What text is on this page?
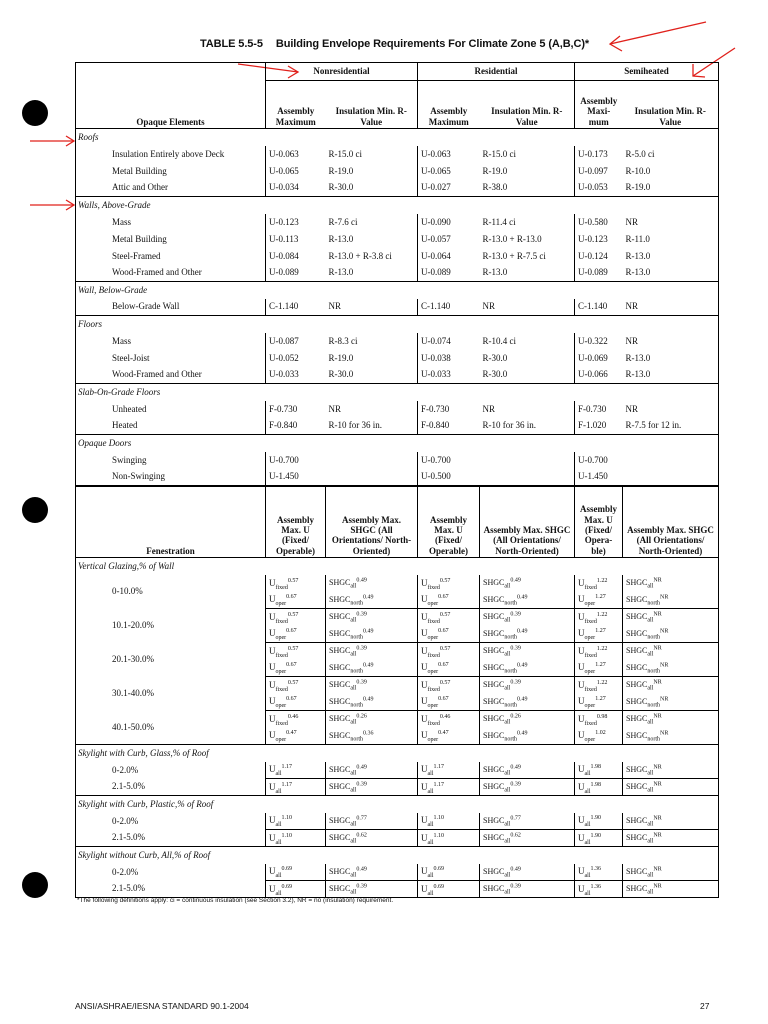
TABLE 5.5-5 Building Envelope Requirements For Climate Zone 5 (A,B,C)*
	Nonresidential		Residential		Semiheated	
Opaque Elements	Assembly Maximum	Insulation Min. R-Value	Assembly Maximum	Insulation Min. R-Value	Assembly Maxi- mum	Insulation Min. R-Value
Roofs						
Insulation Entirely above Deck	U-0.063	R-15.0 ci	U-0.063	R-15.0 ci	U-0.173	R-5.0 ci
Metal Building	U-0.065	R-19.0	U-0.065	R-19.0	U-0.097	R-10.0
Attic and Other	U-0.034	R-30.0	U-0.027	R-38.0	U-0.053	R-19.0
Walls, Above-Grade						
Mass	U-0.123	R-7.6 ci	U-0.090	R-11.4 ci	U-0.580	NR
Metal Building	U-0.113	R-13.0	U-0.057	R-13.0 + R-13.0	U-0.123	R-11.0
Steel-Framed	U-0.084	R-13.0 + R-3.8 ci	U-0.064	R-13.0 + R-7.5 ci	U-0.124	R-13.0
Wood-Framed and Other	U-0.089	R-13.0	U-0.089	R-13.0	U-0.089	R-13.0
Wall, Below-Grade						
Below-Grade Wall	C-1.140	NR	C-1.140	NR	C-1.140	NR
Floors						
Mass	U-0.087	R-8.3 ci	U-0.074	R-10.4 ci	U-0.322	NR
Steel-Joist	U-0.052	R-19.0	U-0.038	R-30.0	U-0.069	R-13.0
Wood-Framed and Other	U-0.033	R-30.0	U-0.033	R-30.0	U-0.066	R-13.0
Slab-On-Grade Floors						
Unheated	F-0.730	NR	F-0.730	NR	F-0.730	NR
Heated	F-0.840	R-10 for 36 in.	F-0.840	R-10 for 36 in.	F-1.020	R-7.5 for 12 in.
Opaque Doors						
Swinging	U-0.700		U-0.700		U-0.700	
Non-Swinging	U-1.450		U-0.500		U-1.450	
Fenestration	Assembly Max. U (Fixed/ Operable)	Assembly Max. SHGC (All Orientations/ North-Oriented)	Assembly Max. U (Fixed/ Operable)	Assembly Max. SHGC (All Orientations/ North-Oriented)	Assembly Max. U (Fixed/ Opera- ble)	Assembly Max. SHGC (All Orientations/ North-Oriented)
Vertical Glazing,% of Wall						
0-10.0%	$U_{fixed}^{0.57}$	$SHGC_{all}^{0.49}$	$U_{fixed}^{0.57}$	$SHGC_{all}^{0.49}$	$U_{fixed}^{1.22}$	$SHGC_{all}^{NR}$
	$U_{oper}^{0.67}$	$SHGC_{north}^{0.49}$	$U_{oper}^{0.67}$	$SHGC_{north}^{0.49}$	$U_{oper}^{1.27}$	$SHGC_{north}^{NR}$
10.1-20.0%	$U_{fixed}^{0.57}$	$SHGC_{all}^{0.39}$	$U_{fixed}^{0.57}$	$SHGC_{all}^{0.39}$	$U_{fixed}^{1.22}$	$SHGC_{all}^{NR}$
	$U_{oper}^{0.67}$	$SHGC_{north}^{0.49}$	$U_{oper}^{0.67}$	$SHGC_{north}^{0.49}$	$U_{oper}^{1.27}$	$SHGC_{north}^{NR}$
20.1-30.0%	$U_{fixed}^{0.57}$	$SHGC_{all}^{0.39}$	$U_{fixed}^{0.57}$	$SHGC_{all}^{0.39}$	$U_{fixed}^{1.22}$	$SHGC_{all}^{NR}$
	$U_{oper}^{0.67}$	$SHGC_{north}^{0.49}$	$U_{oper}^{0.67}$	$SHGC_{north}^{0.49}$	$U_{oper}^{1.27}$	$SHGC_{north}^{NR}$
30.1-40.0%	$U_{fixed}^{0.57}$	$SHGC_{all}^{0.39}$	$U_{fixed}^{0.57}$	$SHGC_{all}^{0.39}$	$U_{fixed}^{1.22}$	$SHGC_{all}^{NR}$
	$U_{oper}^{0.67}$	$SHGC_{north}^{0.49}$	$U_{oper}^{0.67}$	$SHGC_{north}^{0.49}$	$U_{oper}^{1.27}$	$SHGC_{north}^{NR}$
40.1-50.0%	$U_{fixed}^{0.46}$	$SHGC_{all}^{0.26}$	$U_{fixed}^{0.46}$	$SHGC_{all}^{0.26}$	$U_{fixed}^{0.98}$	$SHGC_{all}^{NR}$
	$U_{oper}^{0.47}$	$SHGC_{north}^{0.36}$	$U_{oper}^{0.47}$	$SHGC_{north}^{0.49}$	$U_{oper}^{1.02}$	$SHGC_{north}^{NR}$
Skylight with Curb, Glass,% of Roof						
0-2.0%	$U_{all}^{1.17}$	$SHGC_{all}^{0.49}$	$U_{all}^{1.17}$	$SHGC_{all}^{0.49}$	$U_{all}^{1.98}$	$SHGC_{all}^{NR}$
2.1-5.0%	$U_{all}^{1.17}$	$SHGC_{all}^{0.39}$	$U_{all}^{1.17}$	$SHGC_{all}^{0.39}$	$U_{all}^{1.98}$	$SHGC_{all}^{NR}$
Skylight with Curb, Plastic,% of Roof						
0-2.0%	$U_{all}^{1.10}$	$SHGC_{all}^{0.77}$	$U_{all}^{1.10}$	$SHGC_{all}^{0.77}$	$U_{all}^{1.90}$	$SHGC_{all}^{NR}$
2.1-5.0%	$U_{all}^{1.10}$	$SHGC_{all}^{0.62}$	$U_{all}^{1.10}$	$SHGC_{all}^{0.62}$	$U_{all}^{1.90}$	$SHGC_{all}^{NR}$
Skylight without Curb, All,% of Roof						
0-2.0%	$U_{all}^{0.69}$	$SHGC_{all}^{0.49}$	$U_{all}^{0.69}$	$SHGC_{all}^{0.49}$	$U_{all}^{1.36}$	$SHGC_{all}^{NR}$
2.1-5.0%	$U_{all}^{0.69}$	$SHGC_{all}^{0.39}$	$U_{all}^{0.69}$	$SHGC_{all}^{0.39}$	$U_{all}^{1.36}$	$SHGC_{all}^{NR}$
*The following definitions apply: ci = continuous insulation (see Section 3.2), NR = no (insulation) requirement.
ANSI/ASHRAE/IESNA STANDARD 90.1-2004	27
